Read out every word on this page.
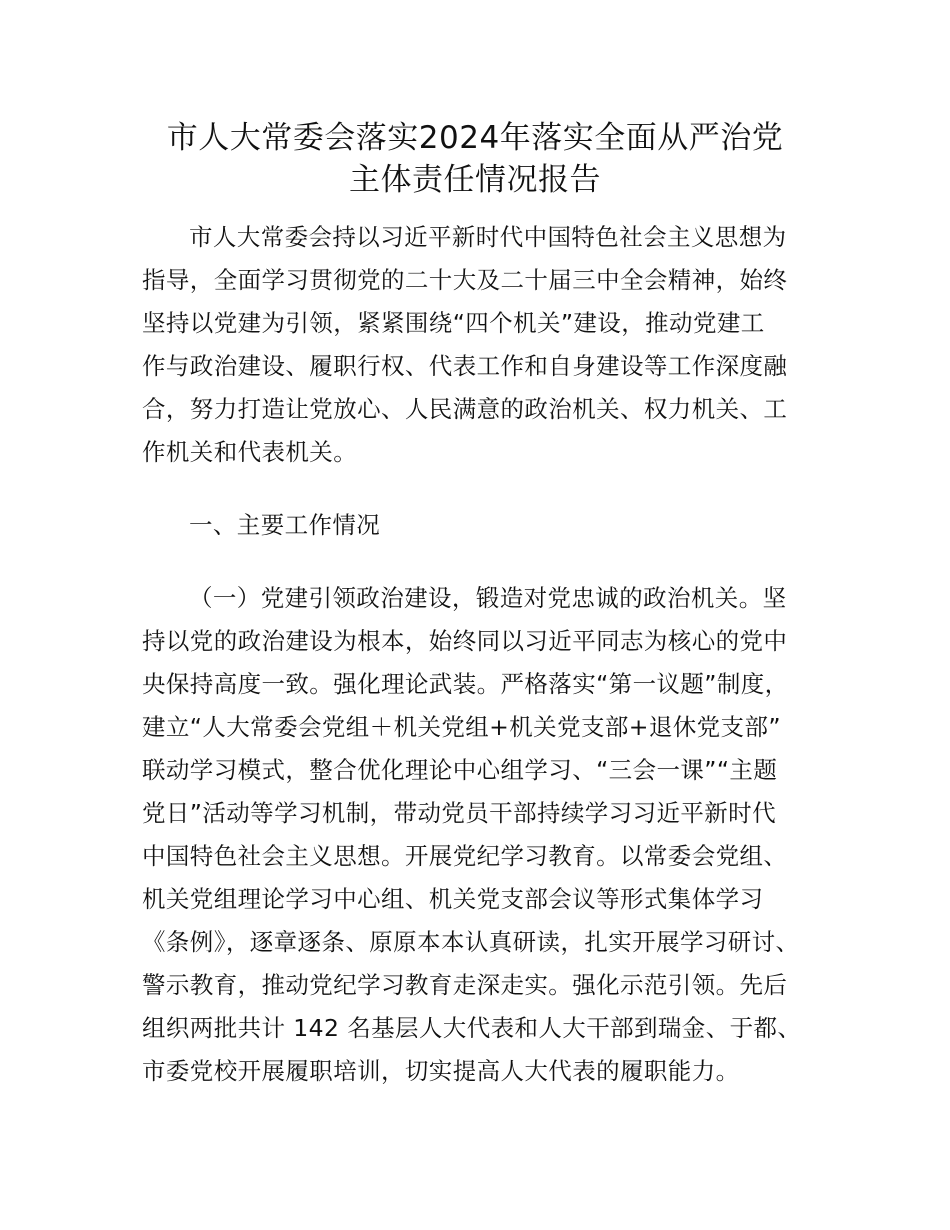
市人大常委会落实2024年落实全面从严治党
主体责任情况报告
市人大常委会持以习近平新时代中国特色社会主义思想为
指导，全面学习贯彻党的二十大及二十届三中全会精神，始终
坚持以党建为引领，紧紧围绕“四个机关”建设，推动党建工
作与政治建设、履职行权、代表工作和自身建设等工作深度融
合，努力打造让党放心、人民满意的政治机关、权力机关、工
作机关和代表机关。
一、主要工作情况
（一）党建引领政治建设，锻造对党忠诚的政治机关。坚
持以党的政治建设为根本，始终同以习近平同志为核心的党中
央保持高度一致。强化理论武装。严格落实“第一议题”制度，
建立“人大常委会党组＋机关党组+机关党支部+退休党支部”
联动学习模式，整合优化理论中心组学习、“三会一课”“主题
党日”活动等学习机制，带动党员干部持续学习习近平新时代
中国特色社会主义思想。开展党纪学习教育。以常委会党组、
机关党组理论学习中心组、机关党支部会议等形式集体学习
《条例》，逐章逐条、原原本本认真研读，扎实开展学习研讨、
警示教育，推动党纪学习教育走深走实。强化示范引领。先后
组织两批共计 142 名基层人大代表和人大干部到瑞金、于都、
市委党校开展履职培训，切实提高人大代表的履职能力。
